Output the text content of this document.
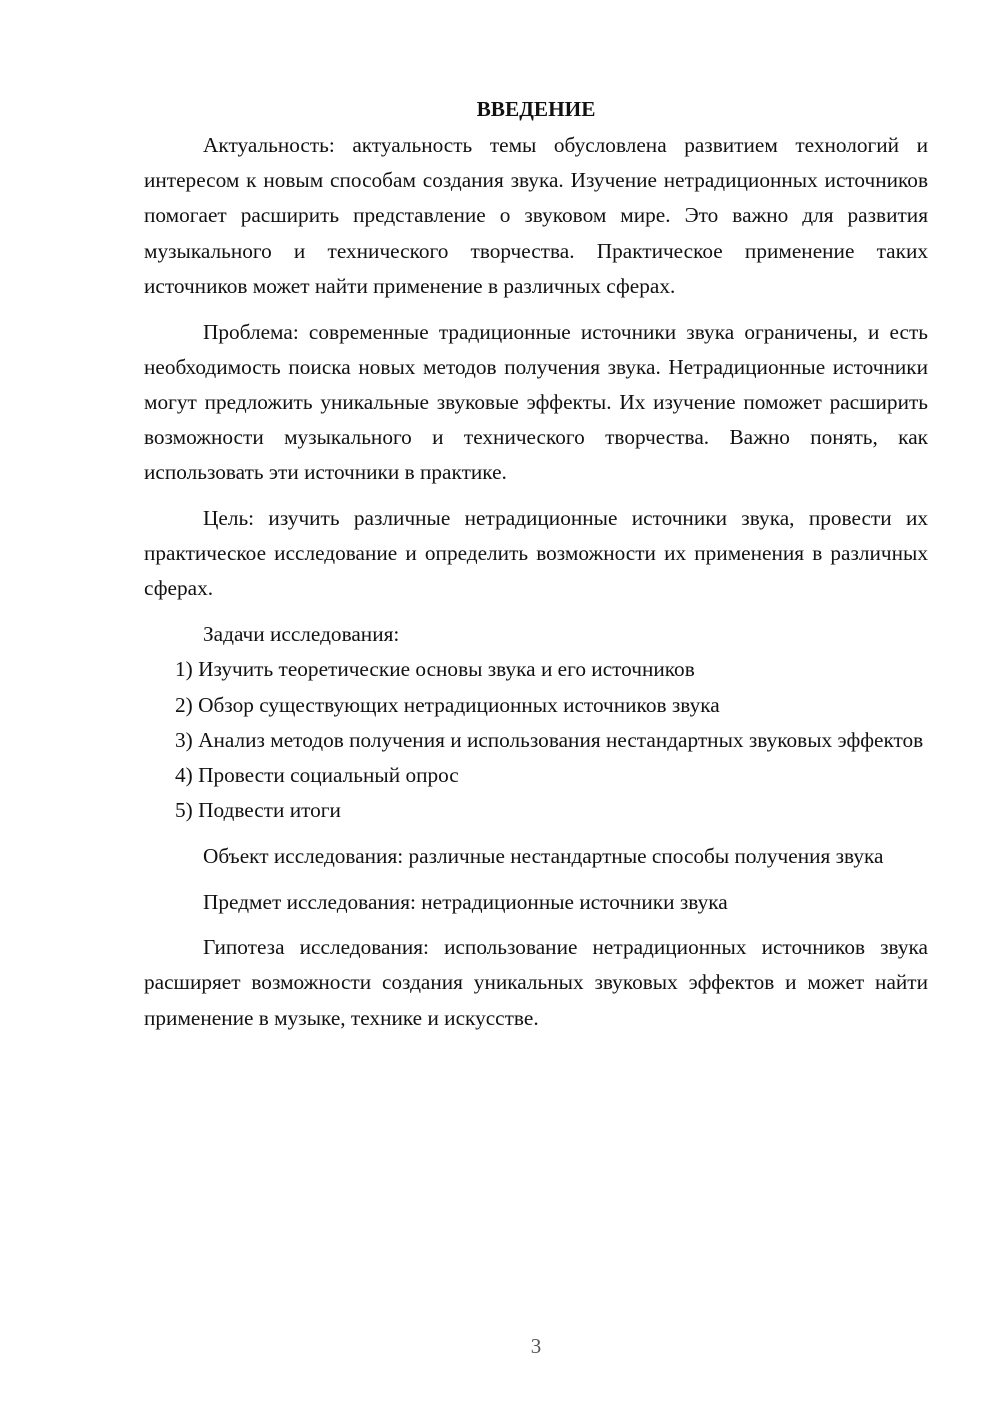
ВВЕДЕНИЕ

Актуальность: актуальность темы обусловлена развитием технологий и интересом к новым способам создания звука. Изучение нетрадиционных источников помогает расширить представление о звуковом мире. Это важно для развития музыкального и технического творчества. Практическое применение таких источников может найти применение в различных сферах.

Проблема: современные традиционные источники звука ограничены, и есть необходимость поиска новых методов получения звука. Нетрадиционные источники могут предложить уникальные звуковые эффекты. Их изучение поможет расширить возможности музыкального и технического творчества. Важно понять, как использовать эти источники в практике.

Цель: изучить различные нетрадиционные источники звука, провести их практическое исследование и определить возможности их применения в различных сферах.

Задачи исследования:

1) Изучить теоретические основы звука и его источников

2) Обзор существующих нетрадиционных источников звука

3) Анализ методов получения и использования нестандартных звуковых эффектов

4) Провести социальный опрос

5) Подвести итоги

Объект исследования: различные нестандартные способы получения звука

Предмет исследования: нетрадиционные источники звука

Гипотеза исследования: использование нетрадиционных источников звука расширяет возможности создания уникальных звуковых эффектов и может найти применение в музыке, технике и искусстве.

3
